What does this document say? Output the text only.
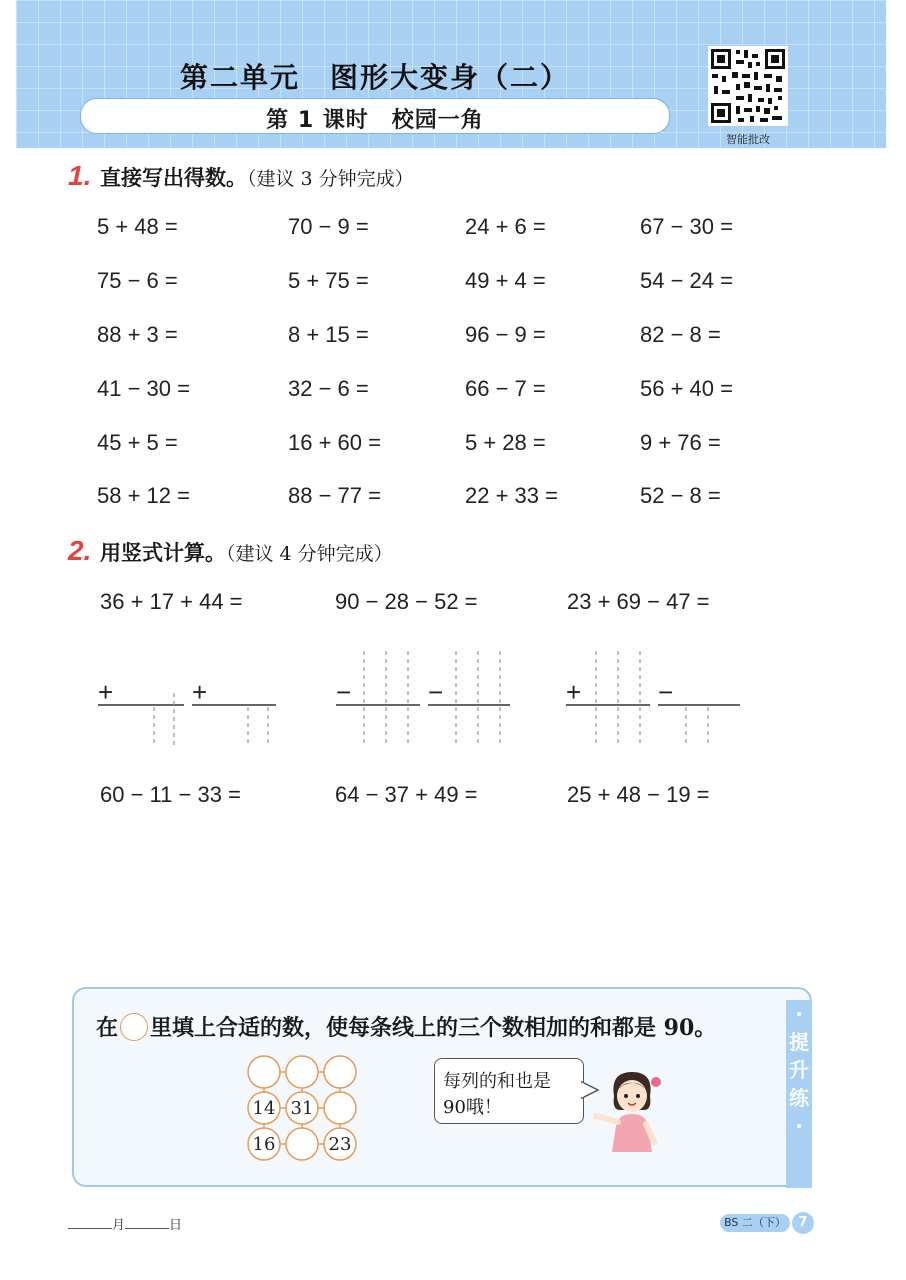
第二单元　图形大变身（二）
第 1 课时　校园一角
智能批改
1. 直接写出得数。（建议 3 分钟完成）
5 + 48 =	70 − 9 =	24 + 6 =	67 − 30 =
75 − 6 =	5 + 75 =	49 + 4 =	54 − 24 =
88 + 3 =	8 + 15 =	96 − 9 =	82 − 8 =
41 − 30 =	32 − 6 =	66 − 7 =	56 + 40 =
45 + 5 =	16 + 60 =	5 + 28 =	9 + 76 =
58 + 12 =	88 − 77 =	22 + 33 =	52 − 8 =
2. 用竖式计算。（建议 4 分钟完成）
36 + 17 + 44 =	90 − 28 − 52 =	23 + 69 − 47 =
+	+	−	−	+	−
60 − 11 − 33 =	64 − 37 + 49 =	25 + 48 − 19 =
·
提
升
练
·
在 里填上合适的数，使每条线上的三个数相加的和都是 90。
14 31
16	23
每列的和也是
90哦！
月	日	BS 二（下） 7
